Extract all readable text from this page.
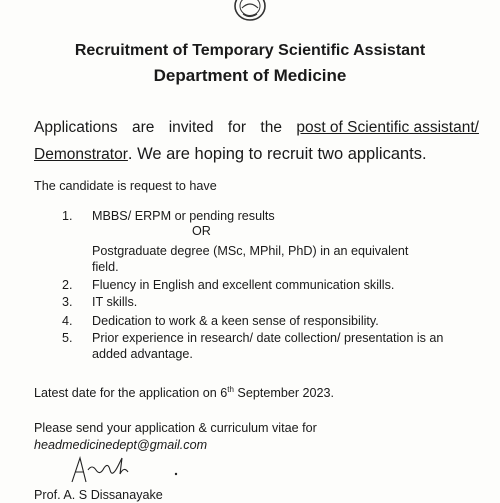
Recruitment of Temporary Scientific Assistant
Department of Medicine
Applications are invited for the post of Scientific assistant/
Demonstrator. We are hoping to recruit two applicants.
The candidate is request to have
1. MBBS/ ERPM or pending results
OR
Postgraduate degree (MSc, MPhil, PhD) in an equivalent
field.
2. Fluency in English and excellent communication skills.
3. IT skills.
4. Dedication to work & a keen sense of responsibility.
5. Prior experience in research/ date collection/ presentation is an
added advantage.
Latest date for the application on 6th September 2023.
Please send your application & curriculum vitae for
headmedicinedept@gmail.com
Prof. A. S Dissanayake
